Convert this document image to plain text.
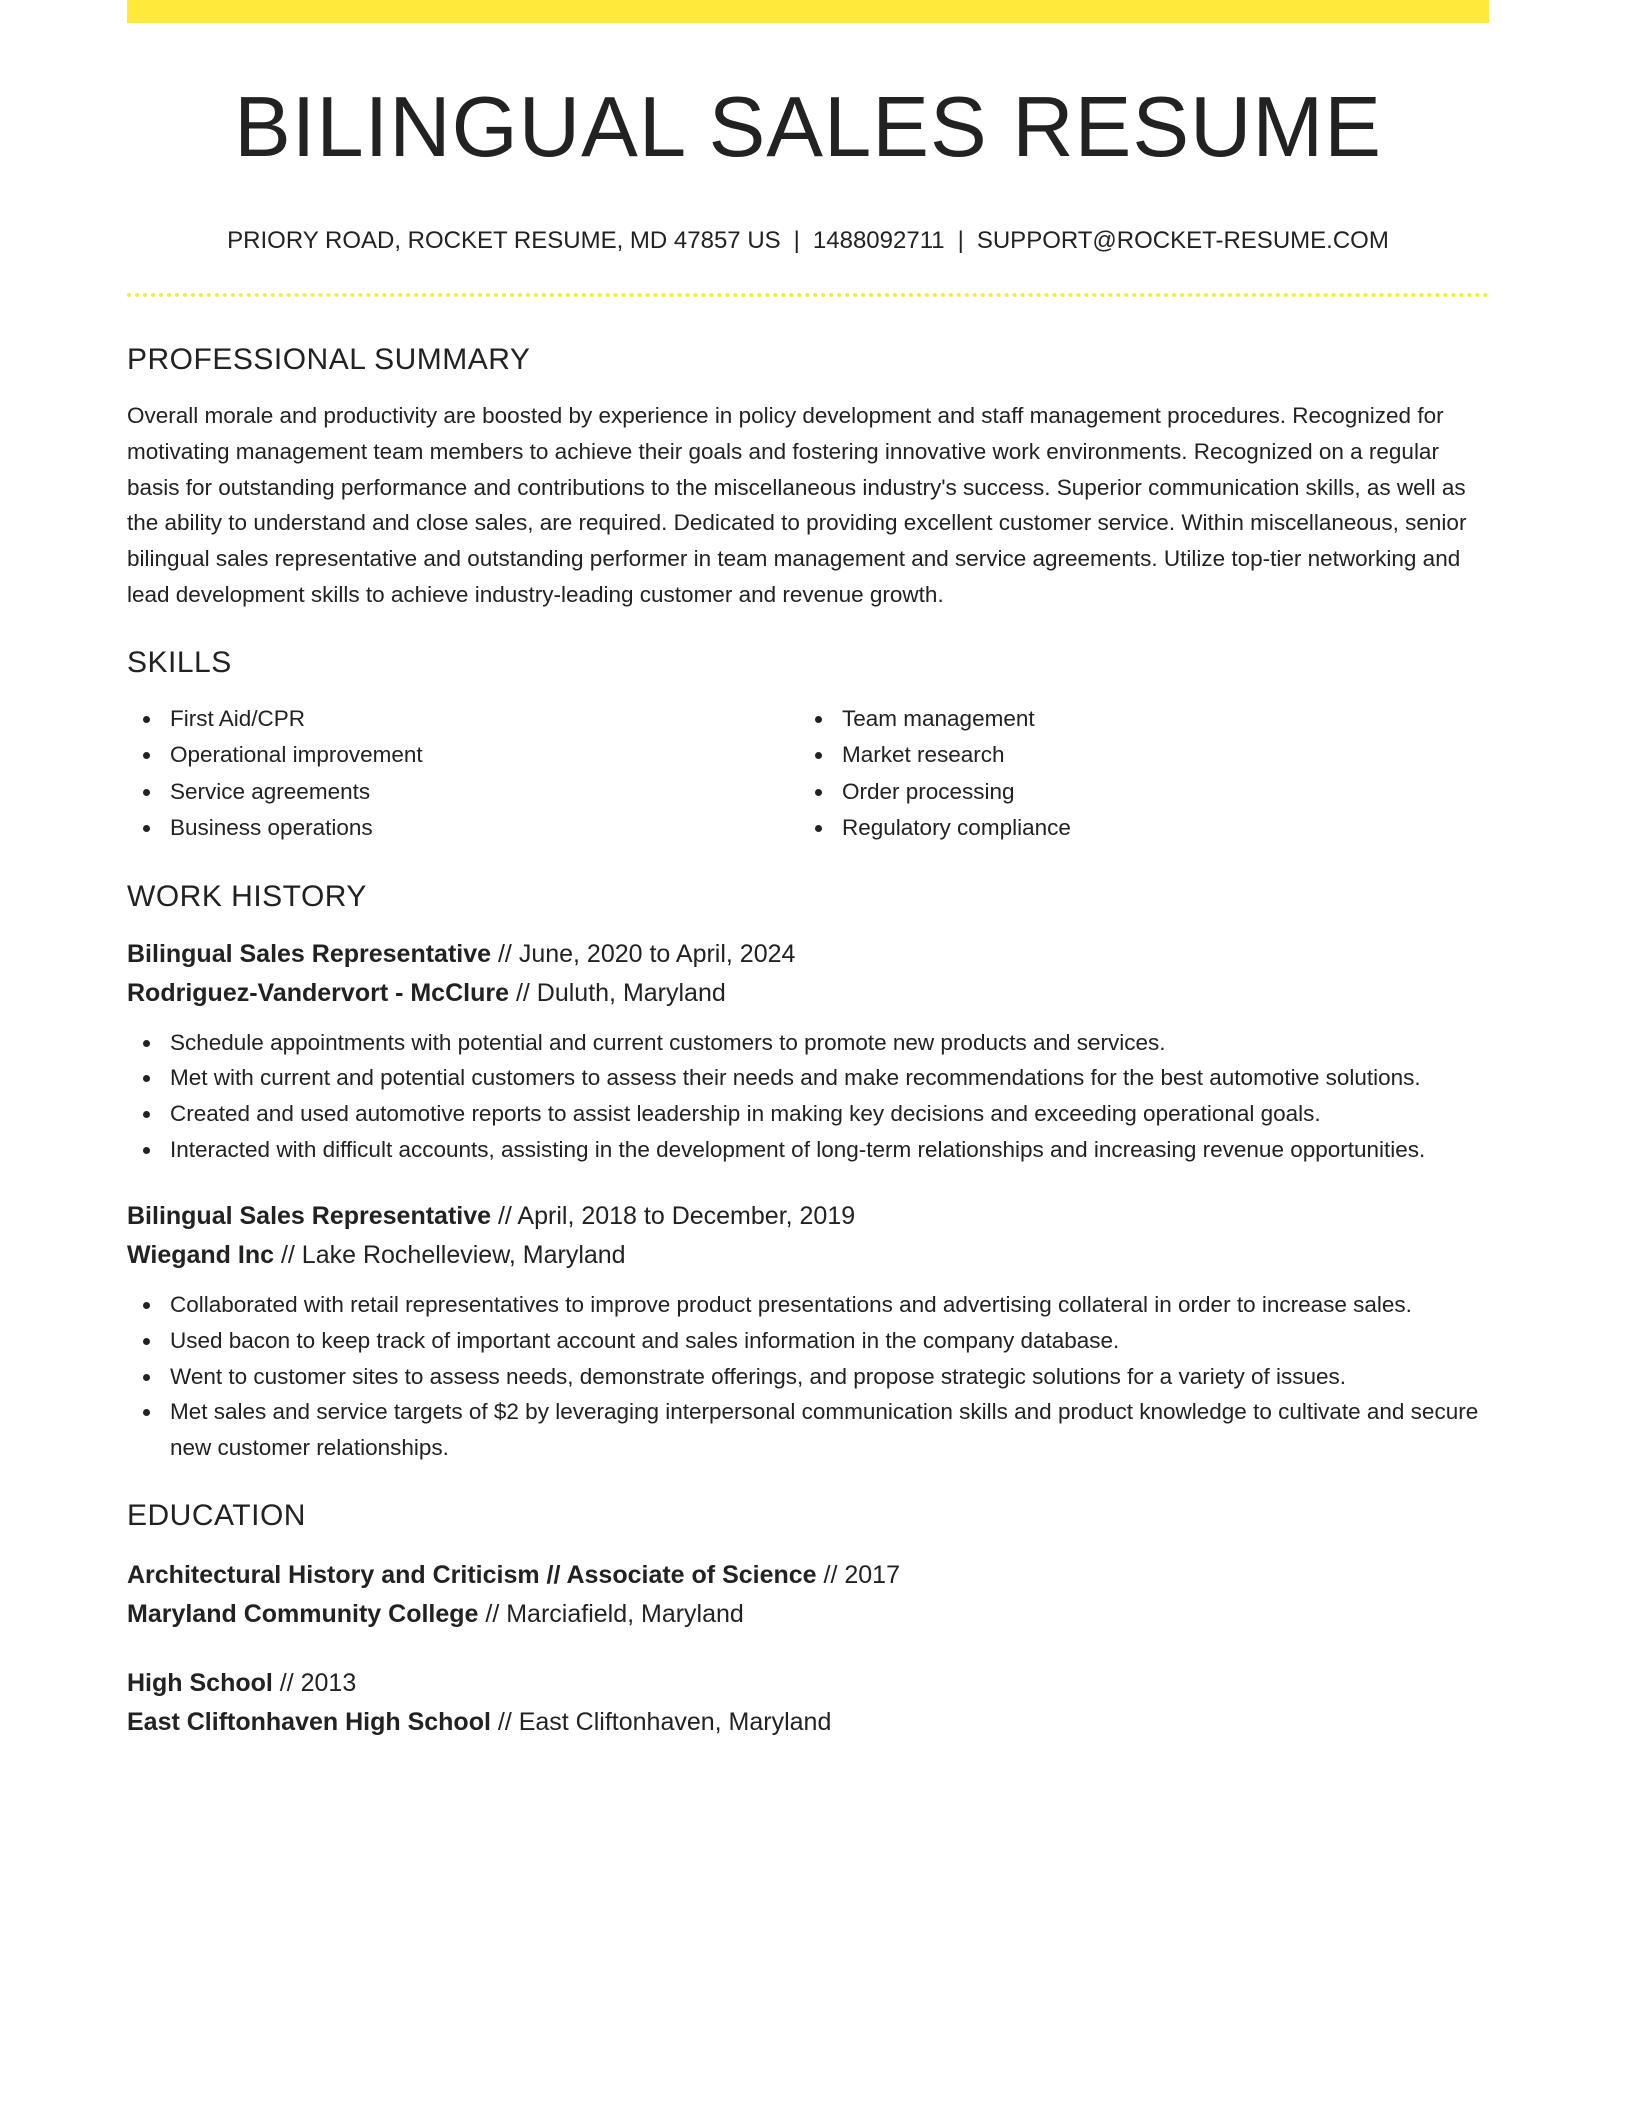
BILINGUAL SALES RESUME
PRIORY ROAD, ROCKET RESUME, MD 47857 US | 1488092711 | SUPPORT@ROCKET-RESUME.COM
PROFESSIONAL SUMMARY
Overall morale and productivity are boosted by experience in policy development and staff management procedures. Recognized for motivating management team members to achieve their goals and fostering innovative work environments. Recognized on a regular basis for outstanding performance and contributions to the miscellaneous industry's success. Superior communication skills, as well as the ability to understand and close sales, are required. Dedicated to providing excellent customer service. Within miscellaneous, senior bilingual sales representative and outstanding performer in team management and service agreements. Utilize top-tier networking and lead development skills to achieve industry-leading customer and revenue growth.
SKILLS
First Aid/CPR
Operational improvement
Service agreements
Business operations
Team management
Market research
Order processing
Regulatory compliance
WORK HISTORY
Bilingual Sales Representative // June, 2020 to April, 2024
Rodriguez-Vandervort - McClure // Duluth, Maryland
Schedule appointments with potential and current customers to promote new products and services.
Met with current and potential customers to assess their needs and make recommendations for the best automotive solutions.
Created and used automotive reports to assist leadership in making key decisions and exceeding operational goals.
Interacted with difficult accounts, assisting in the development of long-term relationships and increasing revenue opportunities.
Bilingual Sales Representative // April, 2018 to December, 2019
Wiegand Inc // Lake Rochelleview, Maryland
Collaborated with retail representatives to improve product presentations and advertising collateral in order to increase sales.
Used bacon to keep track of important account and sales information in the company database.
Went to customer sites to assess needs, demonstrate offerings, and propose strategic solutions for a variety of issues.
Met sales and service targets of $2 by leveraging interpersonal communication skills and product knowledge to cultivate and secure new customer relationships.
EDUCATION
Architectural History and Criticism // Associate of Science // 2017
Maryland Community College // Marciafield, Maryland
High School // 2013
East Cliftonhaven High School // East Cliftonhaven, Maryland
